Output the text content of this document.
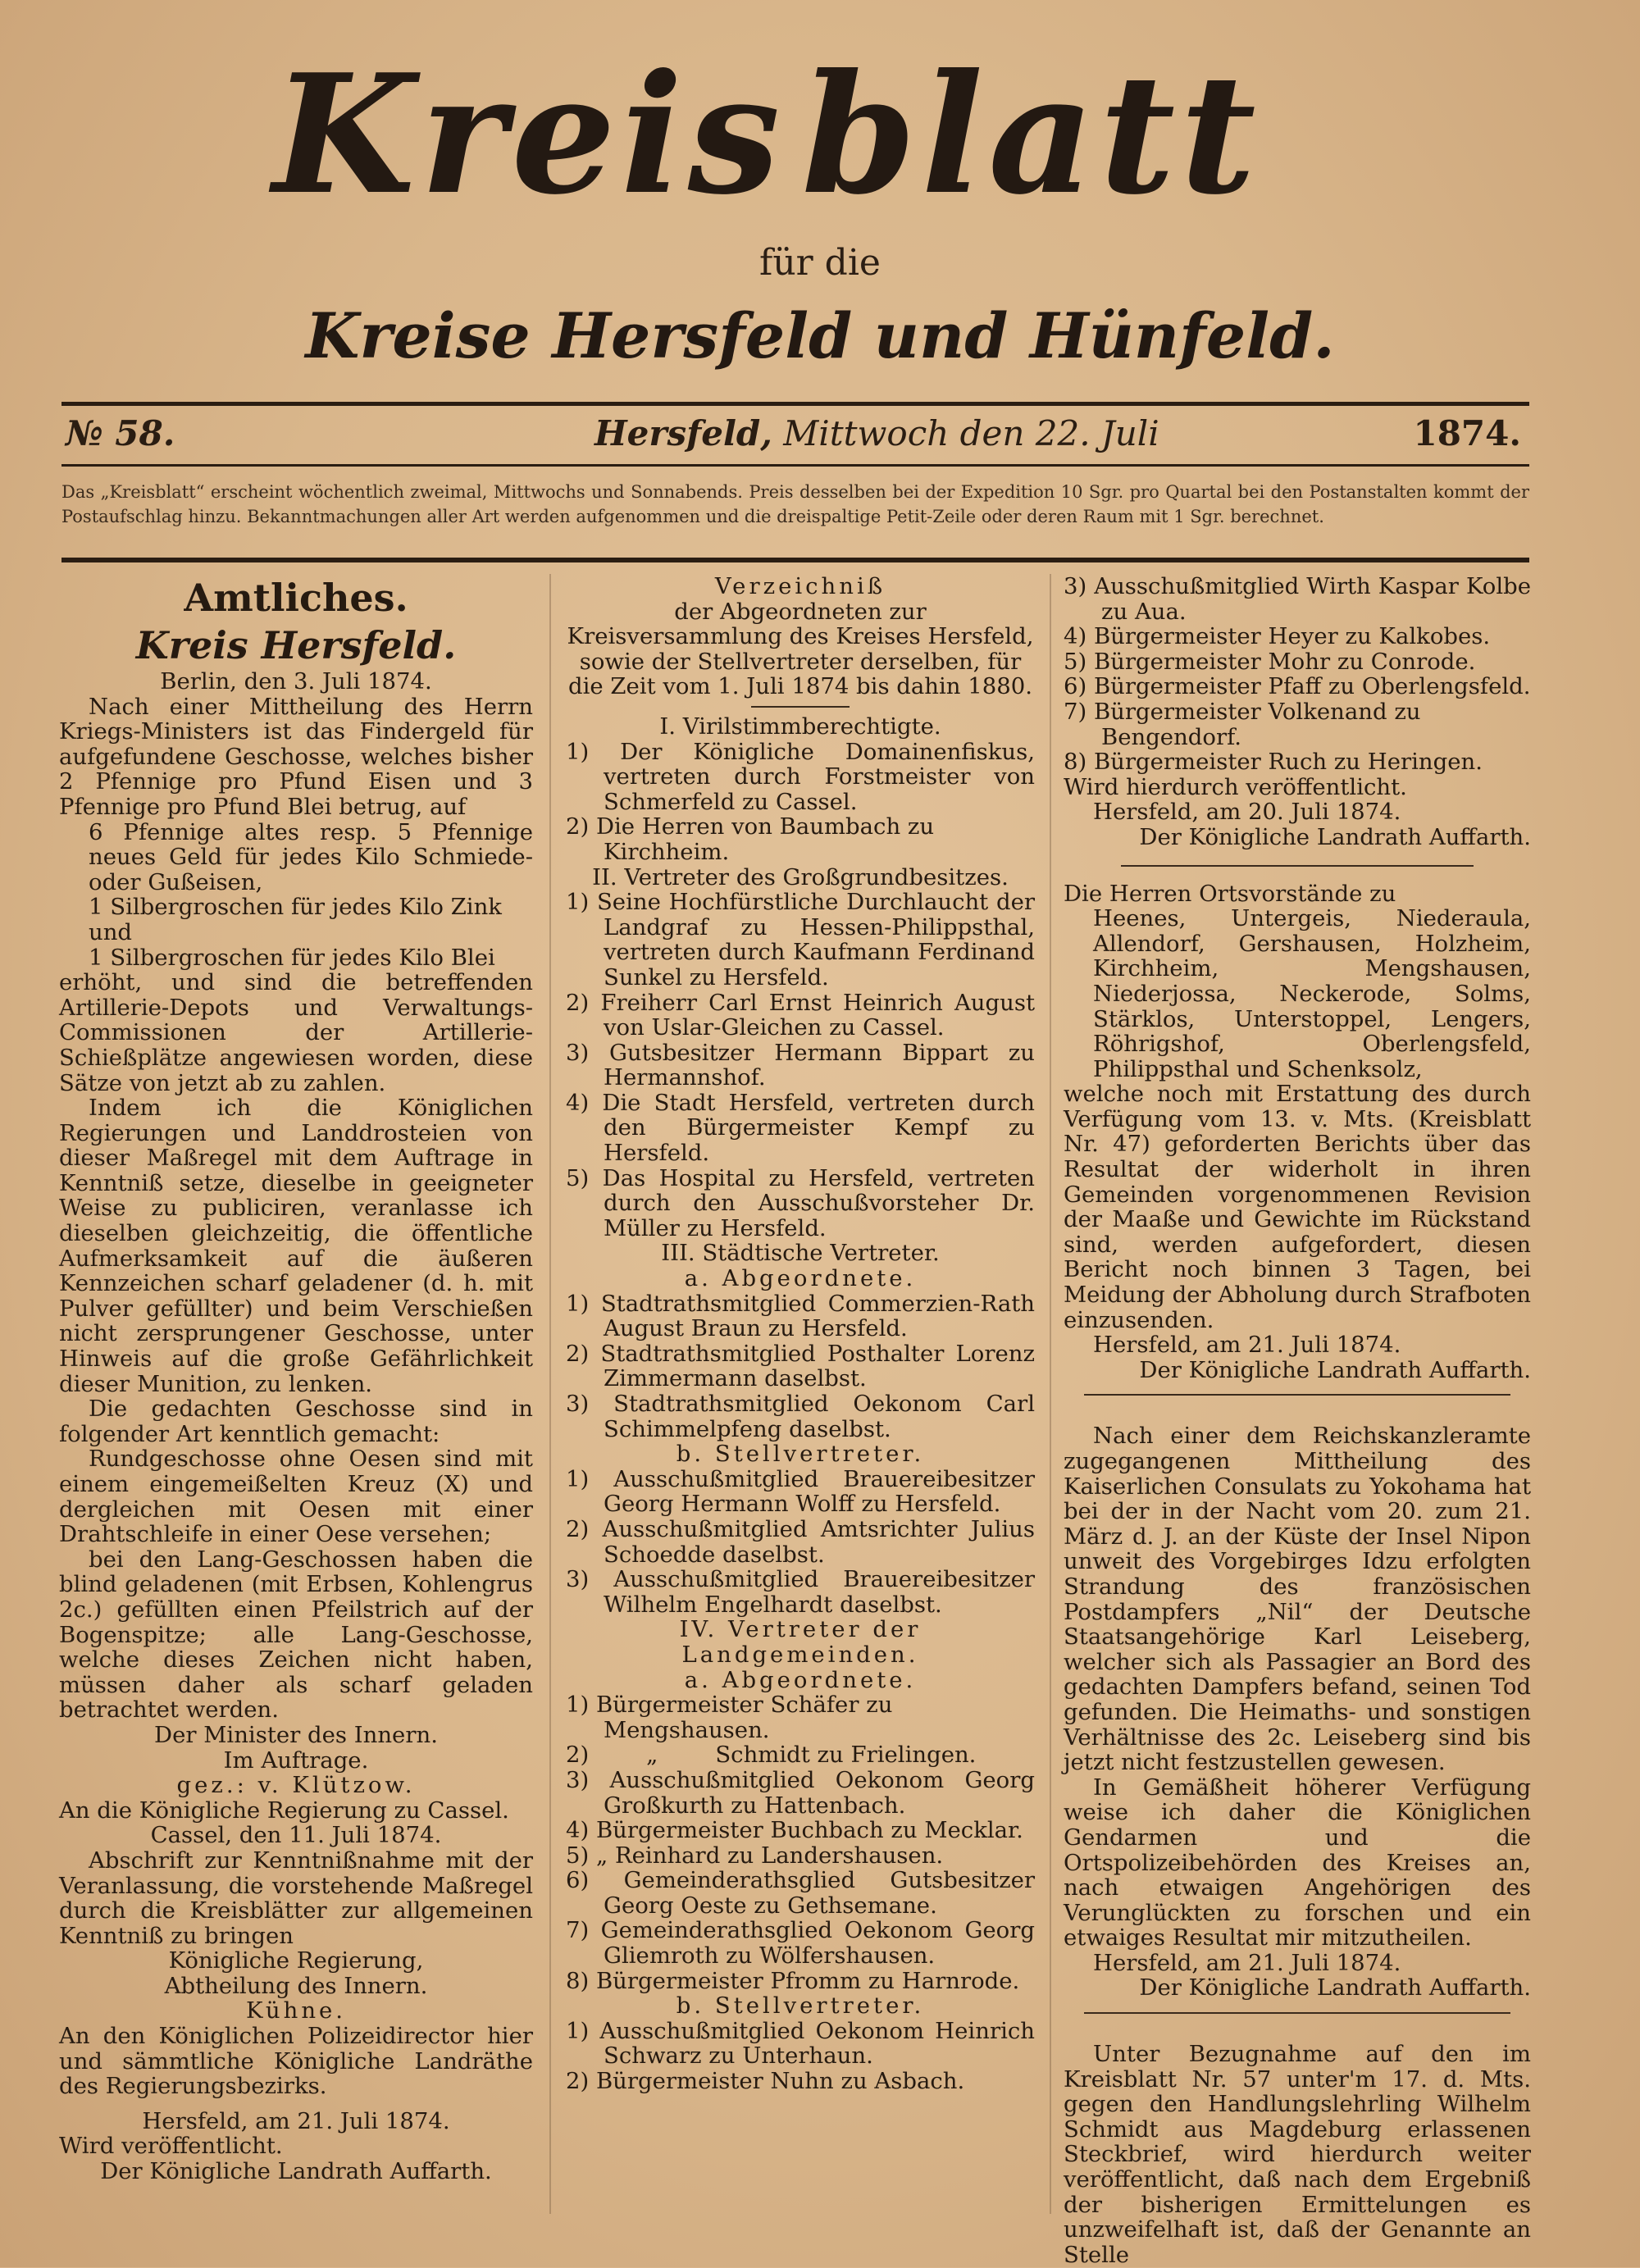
Kreis blatt
für die
Kreise Hersfeld und Hünfeld.
№ 58.	Hersfeld, Mittwoch den 22. Juli	1874.
Das „Kreisblatt“ erscheint wöchentlich zweimal, Mittwochs und Sonnabends. Preis desselben bei der Expedition 10 Sgr. pro Quartal bei den Postanstalten kommt der Postaufschlag hinzu. Bekanntmachungen aller Art werden aufgenommen und die dreispaltige Petit-Zeile oder deren Raum mit 1 Sgr. berechnet.

Amtliches.

Kreis Hersfeld.

Berlin, den 3. Juli 1874.

Nach einer Mittheilung des Herrn Kriegs-Ministers ist das Findergeld für aufgefundene Geschosse, welches bisher 2 Pfennige pro Pfund Eisen und 3 Pfennige pro Pfund Blei betrug, auf

6 Pfennige altes resp. 5 Pfennige neues Geld für jedes Kilo Schmiede- oder Gußeisen,

1 Silbergroschen für jedes Kilo Zink und

1 Silbergroschen für jedes Kilo Blei

erhöht, und sind die betreffenden Artillerie-Depots und Verwaltungs-Commissionen der Artillerie-Schießplätze angewiesen worden, diese Sätze von jetzt ab zu zahlen.

Indem ich die Königlichen Regierungen und Landdrosteien von dieser Maßregel mit dem Auftrage in Kenntniß setze, dieselbe in geeigneter Weise zu publiciren, veranlasse ich dieselben gleichzeitig, die öffentliche Aufmerksamkeit auf die äußeren Kennzeichen scharf geladener (d. h. mit Pulver gefüllter) und beim Verschießen nicht zersprungener Geschosse, unter Hinweis auf die große Gefährlichkeit dieser Munition, zu lenken.

Die gedachten Geschosse sind in folgender Art kenntlich gemacht:

Rundgeschosse ohne Oesen sind mit einem eingemeißelten Kreuz (X) und dergleichen mit Oesen mit einer Drahtschleife in einer Oese versehen;

bei den Lang-Geschossen haben die blind geladenen (mit Erbsen, Kohlengrus 2c.) gefüllten einen Pfeilstrich auf der Bogenspitze; alle Lang-Geschosse, welche dieses Zeichen nicht haben, müssen daher als scharf geladen betrachtet werden.

Der Minister des Innern.

Im Auftrage.

gez.: v. Klützow.

An die Königliche Regierung zu Cassel.

Cassel, den 11. Juli 1874.

Abschrift zur Kenntnißnahme mit der Veranlassung, die vorstehende Maßregel durch die Kreisblätter zur allgemeinen Kenntniß zu bringen

Königliche Regierung,

Abtheilung des Innern.

Kühne.

An den Königlichen Polizeidirector hier und sämmtliche Königliche Landräthe des Regierungsbezirks.

Hersfeld, am 21. Juli 1874.

Wird veröffentlicht.

Der Königliche Landrath Auffarth.

Verzeichniß

der Abgeordneten zur Kreisversammlung des Kreises Hersfeld, sowie der Stellvertreter derselben, für die Zeit vom 1. Juli 1874 bis dahin 1880.

I. Virilstimmberechtigte.

1) Der Königliche Domainenfiskus, vertreten durch Forstmeister von Schmerfeld zu Cassel.

2) Die Herren von Baumbach zu Kirchheim.

II. Vertreter des Großgrundbesitzes.

1) Seine Hochfürstliche Durchlaucht der Landgraf zu Hessen-Philippsthal, vertreten durch Kaufmann Ferdinand Sunkel zu Hersfeld.

2) Freiherr Carl Ernst Heinrich August von Uslar-Gleichen zu Cassel.

3) Gutsbesitzer Hermann Bippart zu Hermannshof.

4) Die Stadt Hersfeld, vertreten durch den Bürgermeister Kempf zu Hersfeld.

5) Das Hospital zu Hersfeld, vertreten durch den Ausschußvorsteher Dr. Müller zu Hersfeld.

III. Städtische Vertreter.

a. Abgeordnete.

1) Stadtrathsmitglied Commerzien-Rath August Braun zu Hersfeld.

2) Stadtrathsmitglied Posthalter Lorenz Zimmermann daselbst.

3) Stadtrathsmitglied Oekonom Carl Schimmelpfeng daselbst.

b. Stellvertreter.

1) Ausschußmitglied Brauereibesitzer Georg Hermann Wolff zu Hersfeld.

2) Ausschußmitglied Amtsrichter Julius Schoedde daselbst.

3) Ausschußmitglied Brauereibesitzer Wilhelm Engelhardt daselbst.

IV. Vertreter der Landgemeinden.

a. Abgeordnete.

1) Bürgermeister Schäfer zu Mengshausen.

2)        „        Schmidt zu Frielingen.

3) Ausschußmitglied Oekonom Georg Großkurth zu Hattenbach.

4) Bürgermeister Buchbach zu Mecklar.

5) „ Reinhard zu Landershausen.

6) Gemeinderathsglied Gutsbesitzer Georg Oeste zu Gethsemane.

7) Gemeinderathsglied Oekonom Georg Gliemroth zu Wölfershausen.

8) Bürgermeister Pfromm zu Harnrode.

b. Stellvertreter.

1) Ausschußmitglied Oekonom Heinrich Schwarz zu Unterhaun.

2) Bürgermeister Nuhn zu Asbach.

3) Ausschußmitglied Wirth Kaspar Kolbe zu Aua.

4) Bürgermeister Heyer zu Kalkobes.

5) Bürgermeister Mohr zu Conrode.

6) Bürgermeister Pfaff zu Oberlengsfeld.

7) Bürgermeister Volkenand zu Bengendorf.

8) Bürgermeister Ruch zu Heringen.

Wird hierdurch veröffentlicht.

Hersfeld, am 20. Juli 1874.

Der Königliche Landrath Auffarth.

Die Herren Ortsvorstände zu

Heenes, Untergeis, Niederaula, Allendorf, Gershausen, Holzheim, Kirchheim, Mengshausen, Niederjossa, Neckerode, Solms, Stärklos, Unterstoppel, Lengers, Röhrigshof, Oberlengsfeld, Philippsthal und Schenksolz,

welche noch mit Erstattung des durch Verfügung vom 13. v. Mts. (Kreisblatt Nr. 47) geforderten Berichts über das Resultat der widerholt in ihren Gemeinden vorgenommenen Revision der Maaße und Gewichte im Rückstand sind, werden aufgefordert, diesen Bericht noch binnen 3 Tagen, bei Meidung der Abholung durch Strafboten einzusenden.

Hersfeld, am 21. Juli 1874.

Der Königliche Landrath Auffarth.

Nach einer dem Reichskanzleramte zugegangenen Mittheilung des Kaiserlichen Consulats zu Yokohama hat bei der in der Nacht vom 20. zum 21. März d. J. an der Küste der Insel Nipon unweit des Vorgebirges Idzu erfolgten Strandung des französischen Postdampfers „Nil“ der Deutsche Staatsangehörige Karl Leiseberg, welcher sich als Passagier an Bord des gedachten Dampfers befand, seinen Tod gefunden. Die Heimaths- und sonstigen Verhältnisse des 2c. Leiseberg sind bis jetzt nicht festzustellen gewesen.

In Gemäßheit höherer Verfügung weise ich daher die Königlichen Gendarmen und die Ortspolizeibehörden des Kreises an, nach etwaigen Angehörigen des Verunglückten zu forschen und ein etwaiges Resultat mir mitzutheilen.

Hersfeld, am 21. Juli 1874.

Der Königliche Landrath Auffarth.

Unter Bezugnahme auf den im Kreisblatt Nr. 57 unter'm 17. d. Mts. gegen den Handlungslehrling Wilhelm Schmidt aus Magdeburg erlassenen Steckbrief, wird hierdurch weiter veröffentlicht, daß nach dem Ergebniß der bisherigen Ermittelungen es unzweifelhaft ist, daß der Genannte an Stelle
